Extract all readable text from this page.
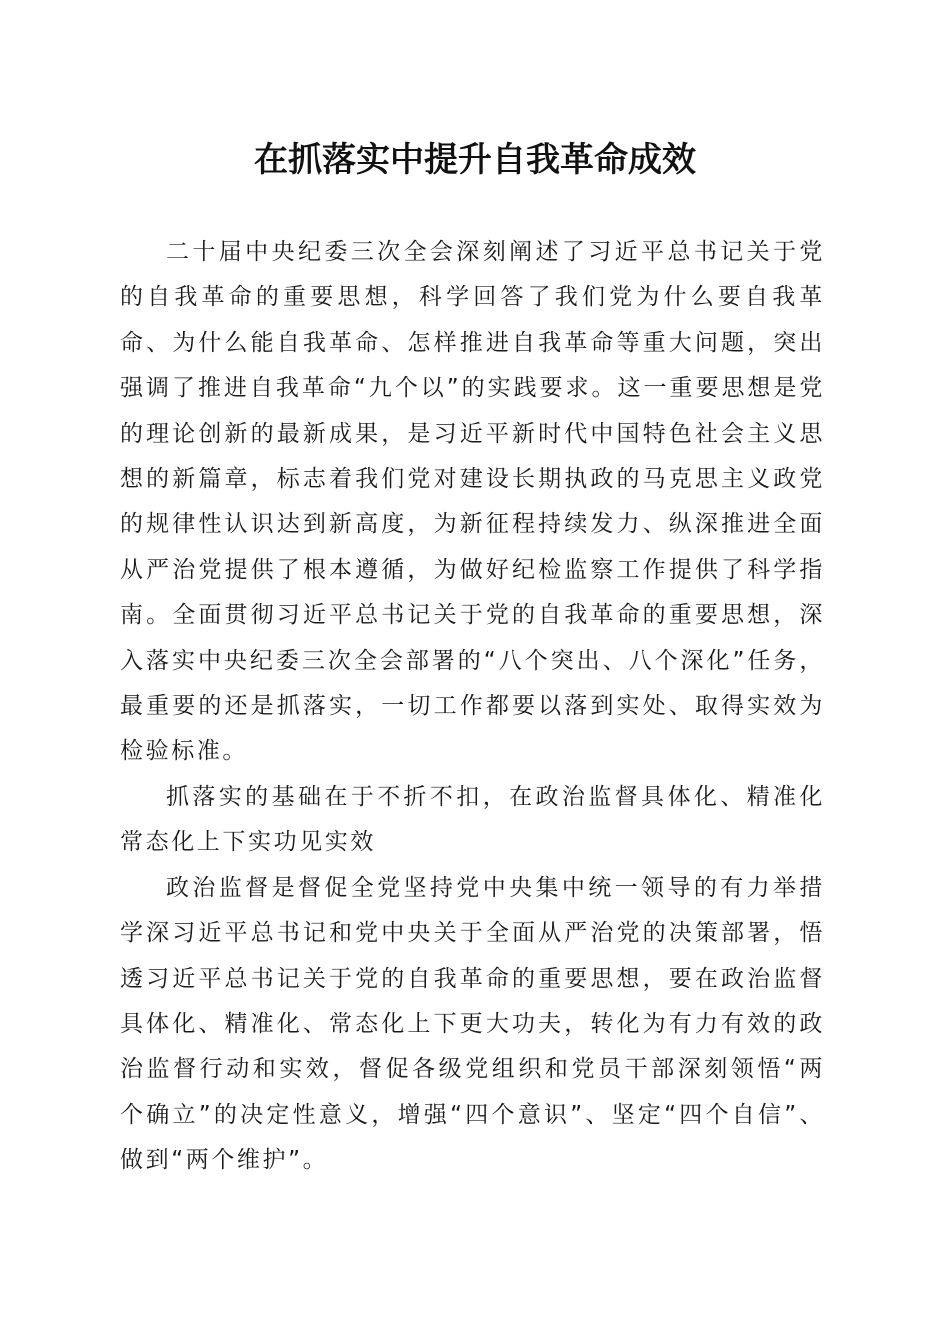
在抓落实中提升自我革命成效

二十届中央纪委三次全会深刻阐述了习近平总书记关于党的自我革命的重要思想，科学回答了我们党为什么要自我革命、为什么能自我革命、怎样推进自我革命等重大问题，突出强调了推进自我革命“九个以”的实践要求。这一重要思想是党的理论创新的最新成果，是习近平新时代中国特色社会主义思想的新篇章，标志着我们党对建设长期执政的马克思主义政党的规律性认识达到新高度，为新征程持续发力、纵深推进全面从严治党提供了根本遵循，为做好纪检监察工作提供了科学指南。全面贯彻习近平总书记关于党的自我革命的重要思想，深入落实中央纪委三次全会部署的“八个突出、八个深化”任务，最重要的还是抓落实，一切工作都要以落到实处、取得实效为检验标准。

抓落实的基础在于不折不扣，在政治监督具体化、精准化常态化上下实功见实效

政治监督是督促全党坚持党中央集中统一领导的有力举措学深习近平总书记和党中央关于全面从严治党的决策部署，悟透习近平总书记关于党的自我革命的重要思想，要在政治监督具体化、精准化、常态化上下更大功夫，转化为有力有效的政治监督行动和实效，督促各级党组织和党员干部深刻领悟“两个确立”的决定性意义，增强“四个意识”、坚定“四个自信”、做到“两个维护”。
